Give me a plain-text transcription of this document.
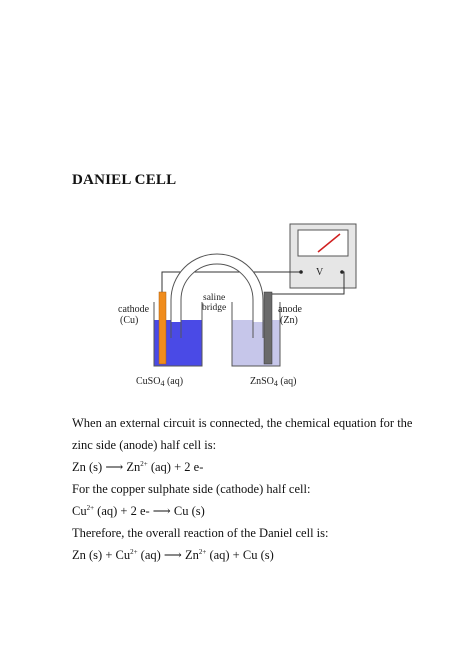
DANIEL CELL
V
cathode
(Cu)
saline
bridge	anode
(Zn)
CuSO$_4$ (aq)	ZnSO$_4$ (aq)
When an external circuit is connected, the chemical equation for the
zinc side (anode) half cell is:
Zn (s) ⟶ $Zn^{2+}$ (aq) + 2 e-
For the copper sulphate side (cathode) half cell:
$Cu^{2+}$ (aq) + 2 e- ⟶ Cu (s)
Therefore, the overall reaction of the Daniel cell is:
Zn $(s) + Cu^{2+}$ (aq) ⟶ $Zn^{2+}$ (aq) + Cu (s)
